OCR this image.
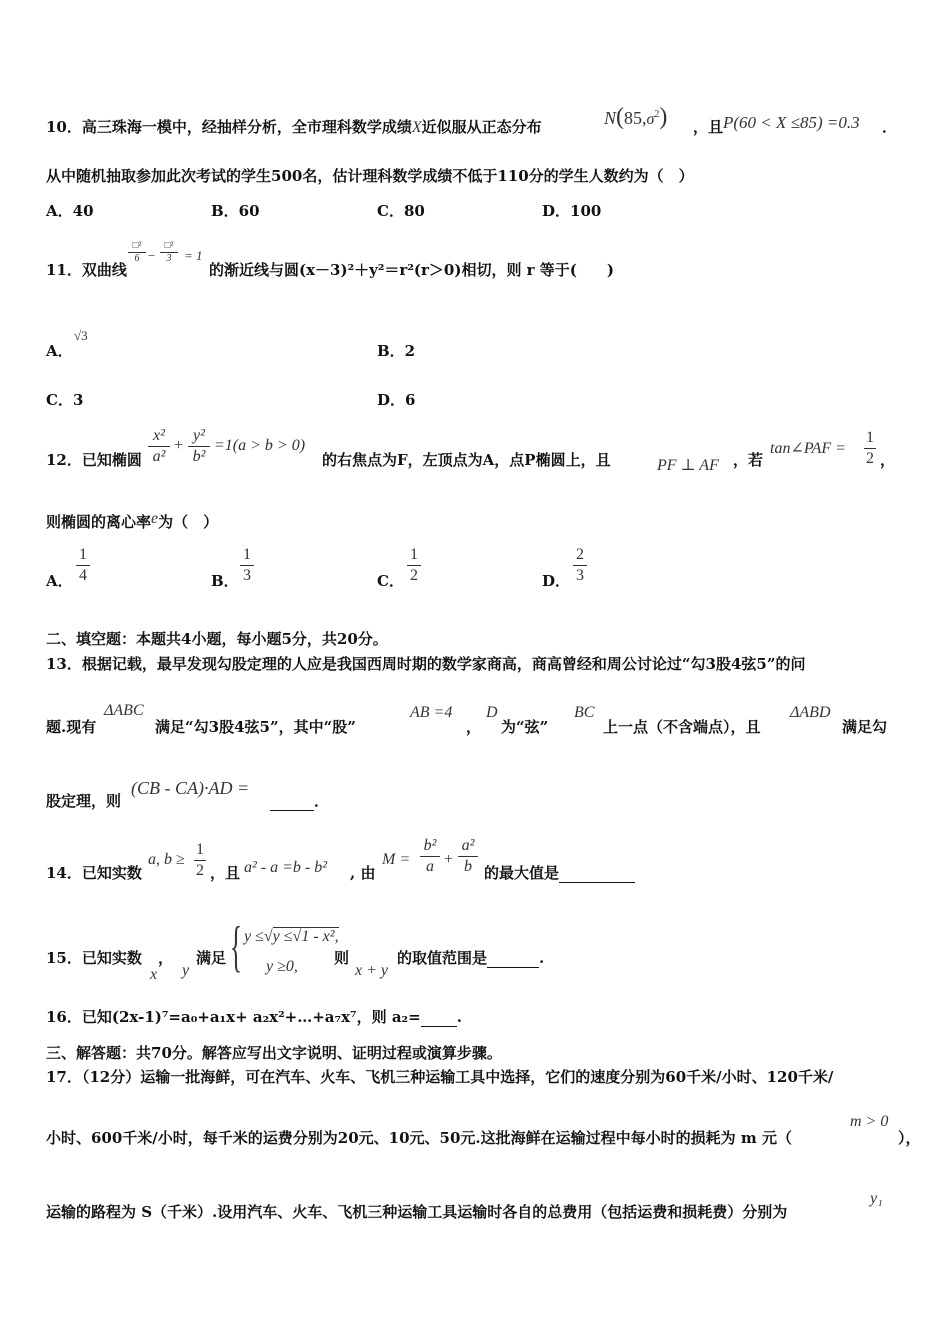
10．高三珠海一模中，经抽样分析，全市理科数学成绩X近似服从正态分布	$N(85,\sigma^2)$ ，且 P(60 < X ≤85) =0.3 ．
从中随机抽取参加此次考试的学生500名，估计理科数学成绩不低于110分的学生人数约为（　）
A．40	B．60	C．80	D．100
11．双曲线
□²
6 −
□²
3 = 1
的渐近线与圆(x－3)²＋y²＝r²(r＞0)相切，则 r 等于(　　)
A．
√3
B．2
C．3	D．6
12．已知椭圆
x²
a²
+
y²
b²
=1(a > b > 0)
的右焦点为F，左顶点为A，点P椭圆上，且	PF ⊥ AF ，若
tan∠PAF =
1
2 ，
则椭圆的离心率e为（　）
A．
1
4	B．
1
3	C．
1
2	D．
2
3
二、填空题：本题共4小题，每小题5分，共20分。
13．根据记载，最早发现勾股定理的人应是我国西周时期的数学家商高，商高曾经和周公讨论过“勾3股4弦5”的问
题.现有
ΔABC
满足“勾3股4弦5”，其中“股”
AB =4
，
D
为“弦”
BC
上一点（不含端点），且
ΔABD
满足勾
股定理，则
(CB - CA)·AD =
．
14．已知实数
a, b ≥
1
2 ，且 a² - a =b - b² , 由
M =
b²
a +
a²
b 的最大值是
15．已知实数
x
，
y
满足 { y ≤√y ≤√1 - x²,
y ≥0, 则
x + y
的取值范围是	.
16．已知(2x-1)⁷=a₀+a₁x+ a₂x²+…+a₇x⁷，则 a₂= .
三、解答题：共70分。解答应写出文字说明、证明过程或演算步骤。
17．（12分）运输一批海鲜，可在汽车、火车、飞机三种运输工具中选择，它们的速度分别为60千米/小时、120千米/
小时、600千米/小时，每千米的运费分别为20元、10元、50元.这批海鲜在运输过程中每小时的损耗为 m 元（
m > 0
），
运输的路程为 S（千米）.设用汽车、火车、飞机三种运输工具运输时各自的总费用（包括运费和损耗费）分别为
y₁
